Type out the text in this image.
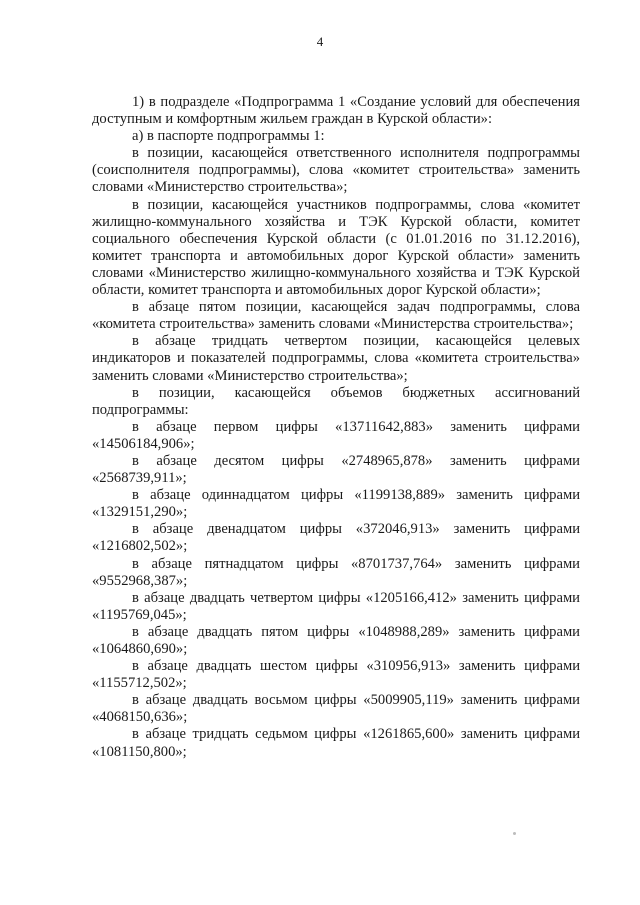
4

1) в подразделе «Подпрограмма 1 «Создание условий для обеспечения доступным и комфортным жильем граждан в Курской области»:

а) в паспорте подпрограммы 1:

в позиции, касающейся ответственного исполнителя подпрограммы (соисполнителя подпрограммы), слова «комитет строительства» заменить словами «Министерство строительства»;

в позиции, касающейся участников подпрограммы, слова «комитет жилищно-коммунального хозяйства и ТЭК Курской области, комитет социального обеспечения Курской области (с 01.01.2016 по 31.12.2016), комитет транспорта и автомобильных дорог Курской области» заменить словами «Министерство жилищно-коммунального хозяйства и ТЭК Курской области, комитет транспорта и автомобильных дорог Курской области»;

в абзаце пятом позиции, касающейся задач подпрограммы, слова «комитета строительства» заменить словами «Министерства строительства»;

в абзаце тридцать четвертом позиции, касающейся целевых индикаторов и показателей подпрограммы, слова «комитета строительства» заменить словами «Министерство строительства»;

в позиции, касающейся объемов бюджетных ассигнований подпрограммы:

в абзаце первом цифры «13711642,883» заменить цифрами «14506184,906»;

в абзаце десятом цифры «2748965,878» заменить цифрами «2568739,911»;

в абзаце одиннадцатом цифры «1199138,889» заменить цифрами «1329151,290»;

в абзаце двенадцатом цифры «372046,913» заменить цифрами «1216802,502»;

в абзаце пятнадцатом цифры «8701737,764» заменить цифрами «9552968,387»;

в абзаце двадцать четвертом цифры «1205166,412» заменить цифрами «1195769,045»;

в абзаце двадцать пятом цифры «1048988,289» заменить цифрами «1064860,690»;

в абзаце двадцать шестом цифры «310956,913» заменить цифрами «1155712,502»;

в абзаце двадцать восьмом цифры «5009905,119» заменить цифрами «4068150,636»;

в абзаце тридцать седьмом цифры «1261865,600» заменить цифрами «1081150,800»;
